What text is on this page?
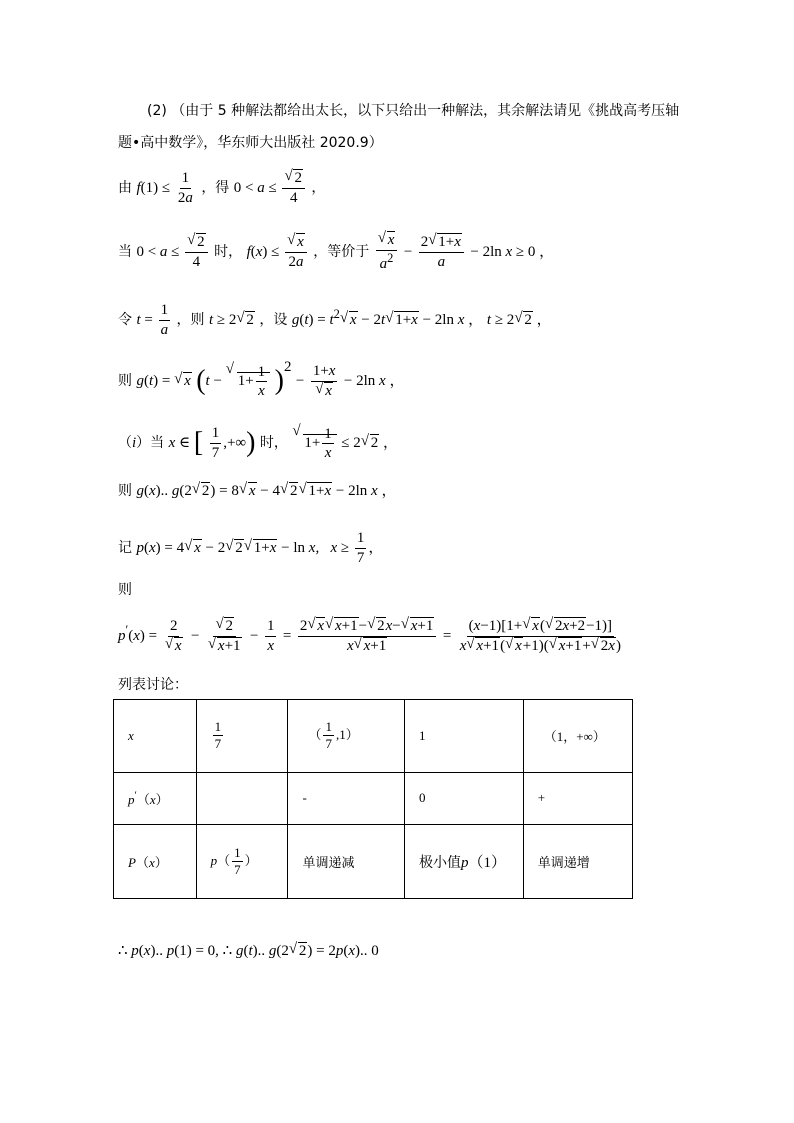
(2) （由于 5 种解法都给出太长，以下只给出一种解法，其余解法请见《挑战高考压轴
题•高中数学》，华东师大出版社 2020.9）
由 $f(1) \le \frac{1}{2a}$ ，得 0 < a ≤ √ $\frac{2}{4}$ ，
当 0 < a ≤ √ $\frac{2}{4}$ 时， f(x) ≤ √ $\frac{x}{2a}$ ，等价于 √ $\frac{x}{a^2} - \frac{2 √ 1+x}{a} - 2\ln$ x ≥ 0 ，
令 $t = \frac{1}{a}$ ，则 t ≥ 2 √ 2 ，设 $g(t) = t^2$ √ x − 2t √ 1+x − 2ln x ， t ≥ 2 √ 2 ，
则 g(t) = √ x (t − √ $1+ \frac{1}{x} )^2 - 1+x$
√ x − 2ln x ，
（i）当 x ∈ [ $\frac{1}{7}$ ,+∞) 时， √ $1+ \frac{1}{x} \le 2$ √ 2 ，
则 g(x).. g(2 √ 2) = 8 √ x − 4 √ 2 √ 1+x − 2ln x ，
记 p(x) = 4 √ x − 2 √ 2 √ 1+x − ln x,   $x \ge \frac{1}{7}$ ，
则
p′(x) = 2
√ x − √ 2
√ $x+1 - \frac{1}{x} = \frac{2 √ x √ x+1- √ 2x- √ x+1}{x √ x+1} = \frac{(x-1)[1+ √ x( √ 2x+2-1)]}{x √ x+1( √ x+1)( √ x+1+ √ 2x)}$
列表讨论：
x	$\frac{1}{7}$	（ $\frac{1}{7} ,1$）	1	（1，+∞）
p′（x）		-	0	+
P（x）	$p( \frac{1}{7}$ ）	单调递减	极小值p（1）	单调递增
∴ p(x).. p(1) = 0, ∴ g(t).. g(2 √ 2) = 2p(x).. 0
